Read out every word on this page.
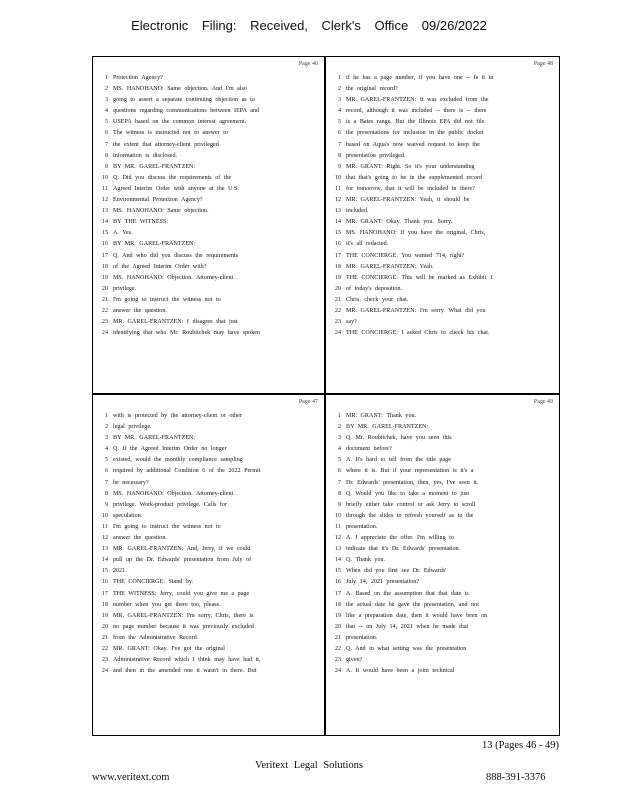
Electronic Filing: Received, Clerk's Office 09/26/2022
Page 46
1 Protection Agency?
2 MS. HANOHANO: Same objection. And I'm also
3 going to assert a separate continuing objection as to
4 questions regarding communications between IEPA and
5 USEPA based on the common interest agreement.
6 The witness is instructed not to answer to
7 the extent that attorney-client privileged
8 information is disclosed.
9 BY MR. GAREL-FRANTZEN:
10 Q. Did you discuss the requirements of the
11 Agreed Interim Order with anyone at the U.S.
12 Environmental Protection Agency?
13 MS. HANOHANO: Same objection.
14 BY THE WITNESS:
15 A. Yes.
16 BY MR. GAREL-FRANTZEN:
17 Q. And who did you discuss the requirements
18 of the Agreed Interim Order with?
19 MS. HANOHANO: Objection. Attorney-client
20 privilege.
21 I'm going to instruct the witness not to
22 answer the question.
23 MR. GAREL-FRANTZEN: I disagree that just
24 identifying that who Mr. Roubitchek may have spoken
Page 48
1 if he has a page number, if you have one -- Is it in
2 the original record?
3 MR. GAREL-FRANTZEN: It was excluded from the
4 record, although it was included -- there is -- there
5 is a Bates range. But the Illinois EPA did not file
6 the presentations for inclusion in the public docket
7 based on Aqua's now waived request to keep the
8 presentation privileged.
9 MR. GRANT: Right. So it's your understanding
10 that that's going to be in the supplemented record
11 for tomorrow, that it will be included in there?
12 MR. GAREL-FRANTZEN: Yeah, it should be
13 included.
14 MR. GRANT: Okay. Thank you. Sorry.
15 MS. HANOHANO: If you have the original, Chris,
16 it's all redacted.
17 THE CONCIERGE: You wanted 714, right?
18 MR. GAREL-FRANTZEN: Yeah.
19 THE CONCIERGE: This will be marked as Exhibit 1
20 of today's deposition.
21 Chris, check your chat.
22 MR. GAREL-FRANTZEN: I'm sorry. What did you
23 say?
24 THE CONCIERGE: I asked Chris to check his chat.
Page 47
1 with is protected by the attorney-client or other
2 legal privilege.
3 BY MR. GAREL-FRANTZEN:
4 Q. If the Agreed Interim Order no longer
5 existed, would the monthly compliance sampling
6 required by additional Condition 6 of the 2022 Permit
7 be necessary?
8 MS. HANOHANO: Objection. Attorney-client
9 privilege. Work-product privilege. Calls for
10 speculation.
11 I'm going to instruct the witness not to
12 answer the question.
13 MR. GAREL-FRANTZEN: And, Jerry, if we could
14 pull up the Dr. Edwards' presentation from July of
15 2021.
16 THE CONCIERGE: Stand by.
17 THE WITNESS: Jerry, could you give me a page
18 number when you get there too, please.
19 MR. GAREL-FRANTZEN: I'm sorry, Chris, there is
20 no page number because it was previously excluded
21 from the Administrative Record.
22 MR. GRANT: Okay. I've got the original
23 Administrative Record which I think may have had it,
24 and then in the amended one it wasn't in there. But
Page 49
1 MR. GRANT: Thank you.
2 BY MR. GAREL-FRANTZEN:
3 Q. Mr. Roubitchek, have you seen this
4 document before?
5 A. It's hard to tell from the title page
6 where it is. But if your representation is it's a
7 Dr. Edwards' presentation, then, yes, I've seen it.
8 Q. Would you like to take a moment to just
9 briefly either take control or ask Jerry to scroll
10 through the slides to refresh yourself as to the
11 presentation.
12 A. I appreciate the offer. I'm willing to
13 indicate that it's Dr. Edwards' presentation.
14 Q. Thank you.
15 When did you first see Dr. Edwards'
16 July 14, 2021 presentation?
17 A. Based on the assumption that that date is
18 the actual date he gave the presentation, and not
19 like a preparation date, then it would have been on
20 that -- on July 14, 2021 when he made that
21 presentation.
22 Q. And in what setting was the presentation
23 given?
24 A. It would have been a joint technical
13 (Pages 46 - 49)
Veritext Legal Solutions
www.veritext.com	888-391-3376
